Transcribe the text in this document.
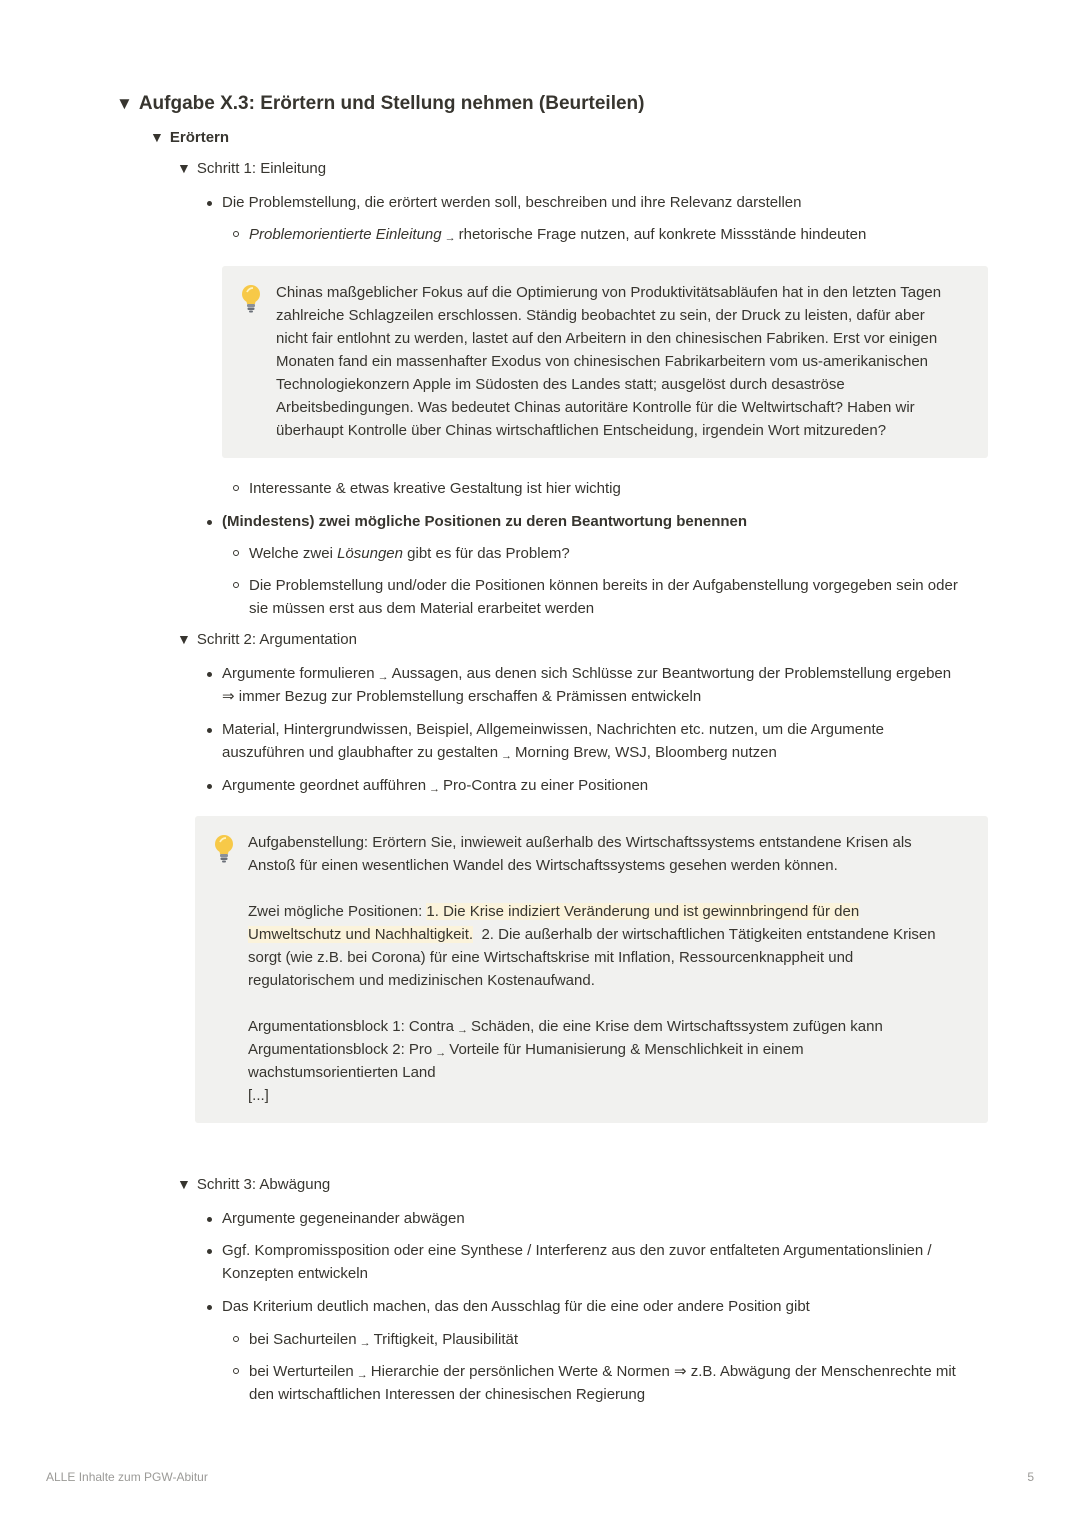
▼ Aufgabe X.3: Erörtern und Stellung nehmen (Beurteilen)
▼ Erörtern
▼ Schritt 1: Einleitung
Die Problemstellung, die erörtert werden soll, beschreiben und ihre Relevanz darstellen
Problemorientierte Einleitung → rhetorische Frage nutzen, auf konkrete Missstände hindeuten
Chinas maßgeblicher Fokus auf die Optimierung von Produktivitätsabläufen hat in den letzten Tagen
zahlreiche Schlagzeilen erschlossen. Ständig beobachtet zu sein, der Druck zu leisten, dafür aber
nicht fair entlohnt zu werden, lastet auf den Arbeitern in den chinesischen Fabriken. Erst vor einigen
Monaten fand ein massenhafter Exodus von chinesischen Fabrikarbeitern vom us-amerikanischen
Technologiekonzern Apple im Südosten des Landes statt; ausgelöst durch desaströse
Arbeitsbedingungen. Was bedeutet Chinas autoritäre Kontrolle für die Weltwirtschaft? Haben wir
überhaupt Kontrolle über Chinas wirtschaftlichen Entscheidung, irgendein Wort mitzureden?
Interessante & etwas kreative Gestaltung ist hier wichtig
(Mindestens) zwei mögliche Positionen zu deren Beantwortung benennen
Welche zwei Lösungen gibt es für das Problem?
Die Problemstellung und/oder die Positionen können bereits in der Aufgabenstellung vorgegeben sein oder
sie müssen erst aus dem Material erarbeitet werden
▼ Schritt 2: Argumentation
Argumente formulieren → Aussagen, aus denen sich Schlüsse zur Beantwortung der Problemstellung ergeben
⇒ immer Bezug zur Problemstellung erschaffen & Prämissen entwickeln
Material, Hintergrundwissen, Beispiel, Allgemeinwissen, Nachrichten etc. nutzen, um die Argumente
auszuführen und glaubhafter zu gestalten → Morning Brew, WSJ, Bloomberg nutzen
Argumente geordnet aufführen → Pro-Contra zu einer Positionen
Aufgabenstellung: Erörtern Sie, inwieweit außerhalb des Wirtschaftssystems entstandene Krisen als
Anstoß für einen wesentlichen Wandel des Wirtschaftssystems gesehen werden können.
Zwei mögliche Positionen: 1. Die Krise indiziert Veränderung und ist gewinnbringend für den
Umweltschutz und Nachhaltigkeit.  2. Die außerhalb der wirtschaftlichen Tätigkeiten entstandene Krisen
sorgt (wie z.B. bei Corona) für eine Wirtschaftskrise mit Inflation, Ressourcenknappheit und
regulatorischem und medizinischen Kostenaufwand.
Argumentationsblock 1: Contra → Schäden, die eine Krise dem Wirtschaftssystem zufügen kann
Argumentationsblock 2: Pro → Vorteile für Humanisierung & Menschlichkeit in einem
wachstumsorientierten Land
[...]
▼ Schritt 3: Abwägung
Argumente gegeneinander abwägen
Ggf. Kompromissposition oder eine Synthese / Interferenz aus den zuvor entfalteten Argumentationslinien /
Konzepten entwickeln
Das Kriterium deutlich machen, das den Ausschlag für die eine oder andere Position gibt
bei Sachurteilen → Triftigkeit, Plausibilität
bei Werturteilen → Hierarchie der persönlichen Werte & Normen ⇒ z.B. Abwägung der Menschenrechte mit
den wirtschaftlichen Interessen der chinesischen Regierung
ALLE Inhalte zum PGW-Abitur	5
